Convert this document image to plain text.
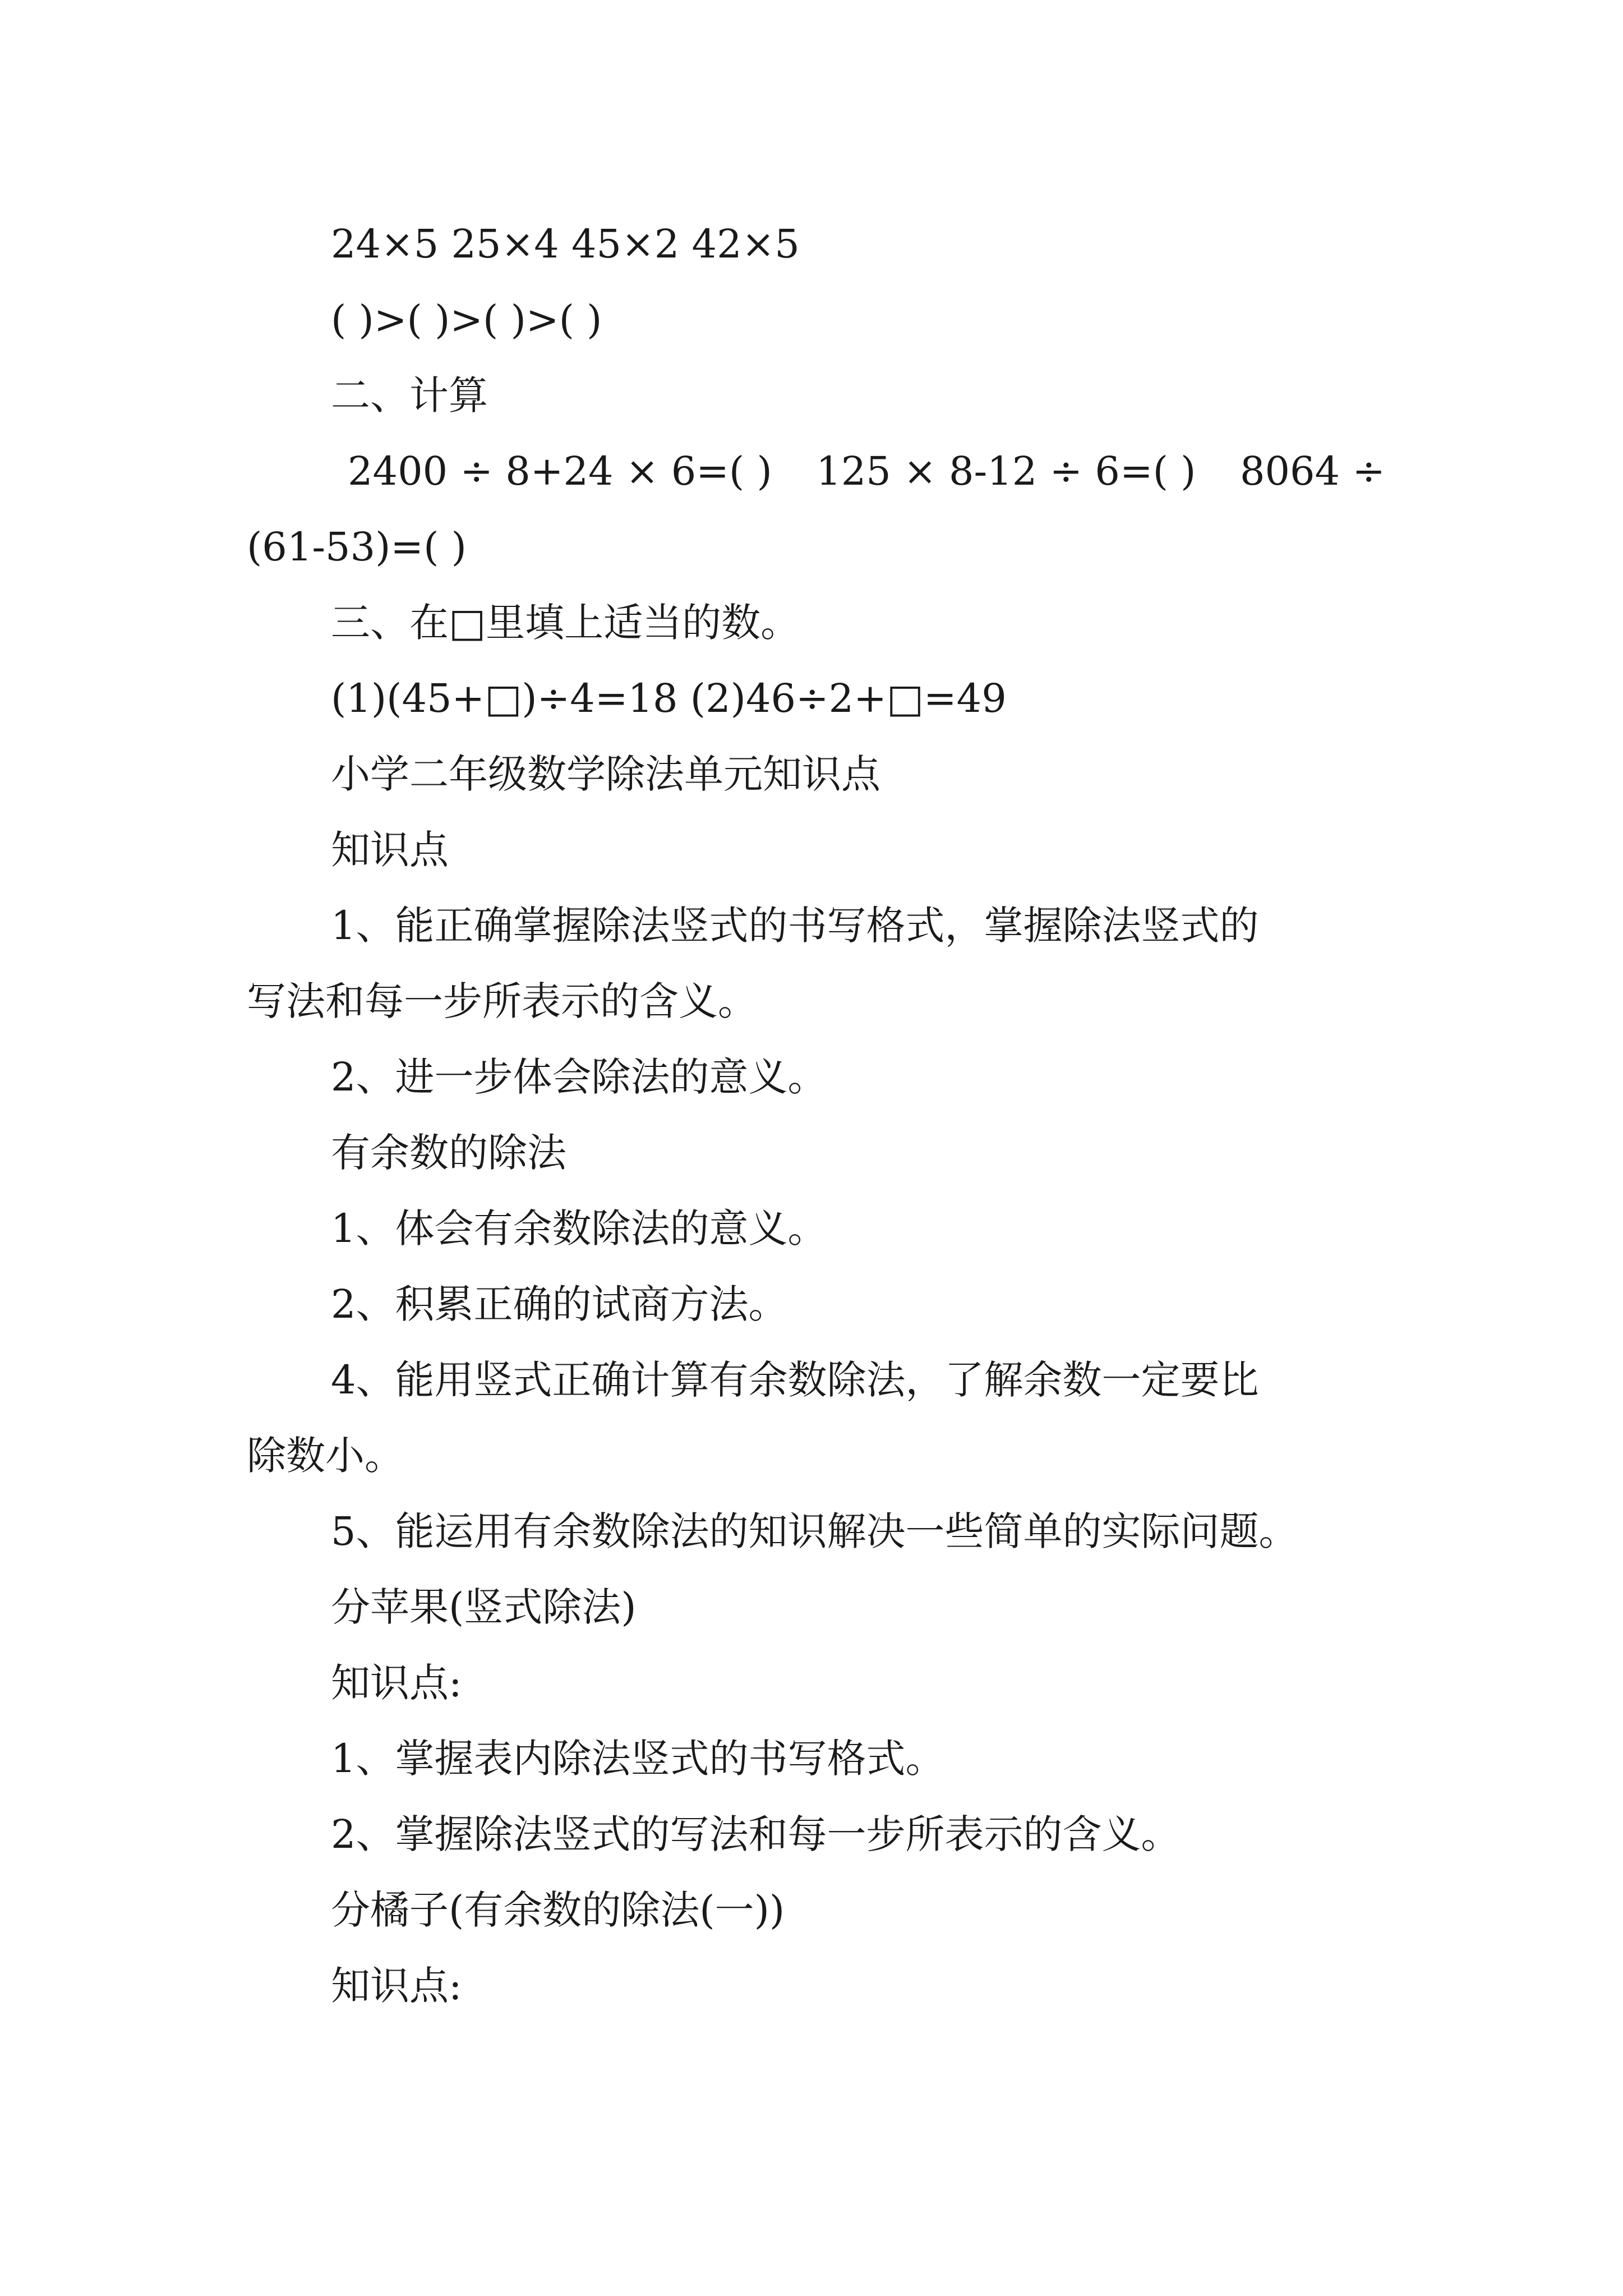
24×5 25×4 45×2 42×5
( )>( )>( )>( )
二、计算
2400 ÷ 8+24 × 6=( ) 125 × 8-12 ÷ 6=( ) 8064 ÷
(61-53)=( )
三、在□里填上适当的数。
(1)(45+□)÷4=18 (2)46÷2+□=49
小学二年级数学除法单元知识点
知识点
1、能正确掌握除法竖式的书写格式，掌握除法竖式的
写法和每一步所表示的含义。
2、进一步体会除法的意义。
有余数的除法
1、体会有余数除法的意义。
2、积累正确的试商方法。
4、能用竖式正确计算有余数除法，了解余数一定要比
除数小。
5、能运用有余数除法的知识解决一些简单的实际问题。
分苹果(竖式除法)
知识点:
1、掌握表内除法竖式的书写格式。
2、掌握除法竖式的写法和每一步所表示的含义。
分橘子(有余数的除法(一))
知识点:
